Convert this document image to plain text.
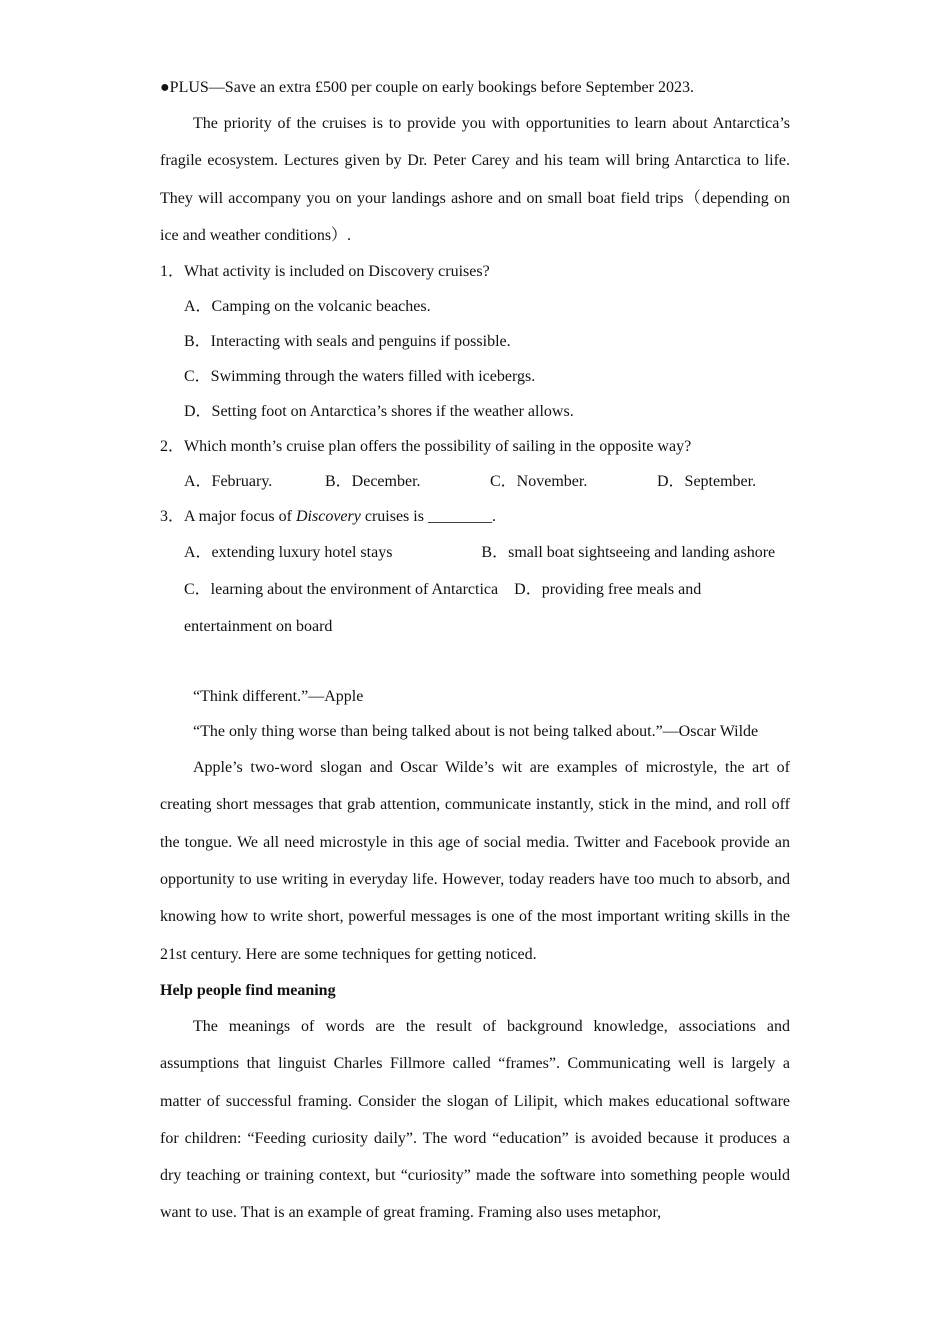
●PLUS—Save an extra £500 per couple on early bookings before September 2023.

The priority of the cruises is to provide you with opportunities to learn about Antarctica’s fragile ecosystem. Lectures given by Dr. Peter Carey and his team will bring Antarctica to life. They will accompany you on your landings ashore and on small boat field trips（depending on ice and weather conditions）.

1．What activity is included on Discovery cruises?
A．Camping on the volcanic beaches.
B．Interacting with seals and penguins if possible.
C．Swimming through the waters filled with icebergs.
D．Setting foot on Antarctica’s shores if the weather allows.
2．Which month’s cruise plan offers the possibility of sailing in the opposite way?
A．February.	B．December.	C．November.	D．September.
3．A major focus of Discovery cruises is ________.
A．extending luxury hotel stays	B．small boat sightseeing and landing ashore
C．learning about the environment of Antarctica D．providing free meals and entertainment on board
“Think different.”—Apple
“The only thing worse than being talked about is not being talked about.”—Oscar Wilde

Apple’s two-word slogan and Oscar Wilde’s wit are examples of microstyle, the art of creating short messages that grab attention, communicate instantly, stick in the mind, and roll off the tongue. We all need microstyle in this age of social media. Twitter and Facebook provide an opportunity to use writing in everyday life. However, today readers have too much to absorb, and knowing how to write short, powerful messages is one of the most important writing skills in the 21st century. Here are some techniques for getting noticed.

Help people find meaning

The meanings of words are the result of background knowledge, associations and assumptions that linguist Charles Fillmore called “frames”. Communicating well is largely a matter of successful framing. Consider the slogan of Lilipit, which makes educational software for children: “Feeding curiosity daily”. The word “education” is avoided because it produces a dry teaching or training context, but “curiosity” made the software into something people would want to use. That is an example of great framing. Framing also uses metaphor,
